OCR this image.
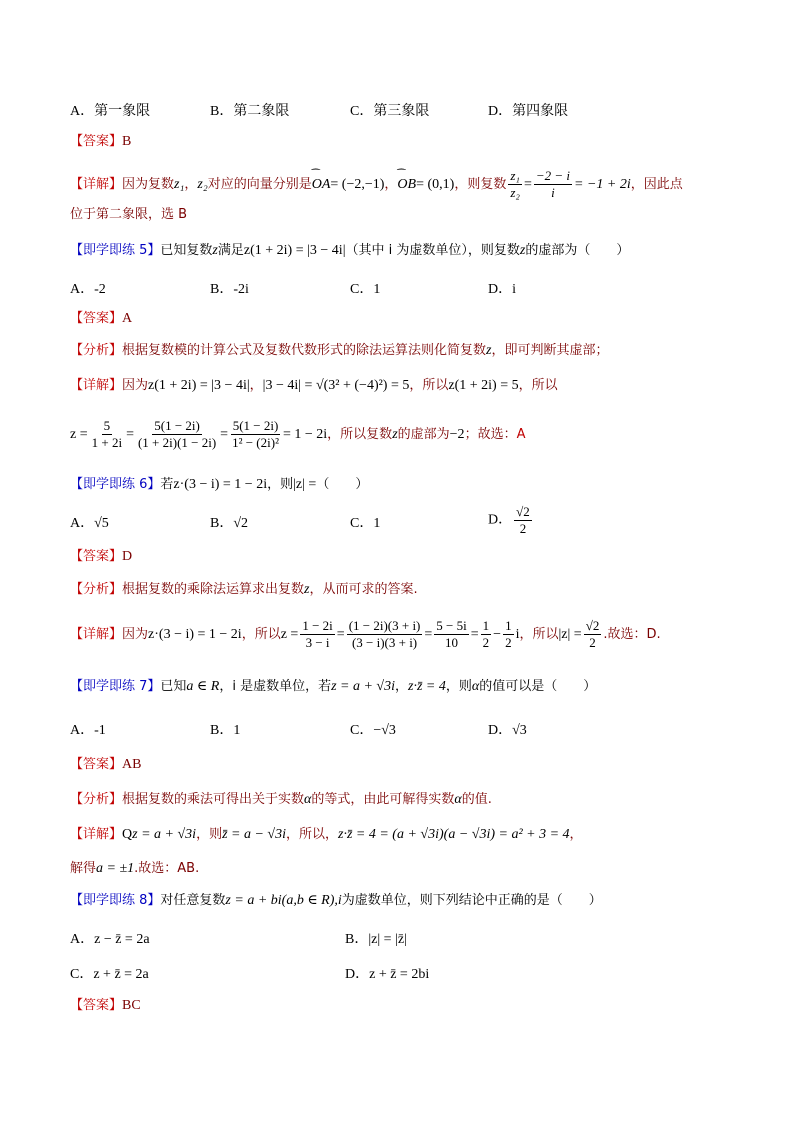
A．第一象限	B．第二象限	C．第三象限	D．第四象限
【答案】B
【详解】因为复数z₁，z₂对应的向量分别是⁀ OA= (−2,−1)，⁀ OB= (0,1)，则复数 $\frac{\text{z₁}}{\text{z₂}} = \frac{-2 - i}{i} = -1 + 2i$，因此点
位于第二象限，选 B
【即学即练 5】已知复数z满足z(1 + 2i) = |3 − 4i|（其中 i 为虚数单位），则复数z的虚部为（　　）
A．-2	B．-2i	C．1	D．i
【答案】A
【分析】根据复数模的计算公式及复数代数形式的除法运算法则化简复数z，即可判断其虚部；
【详解】因为z(1 + 2i) = |3 − 4i|，|3 − 4i| = √(3² + (−4)²) = 5，所以z(1 + 2i) = 5，所以
$z = \frac{5}{1 + 2i} = \frac{5(1 - 2i)}{(1 + 2i)(1 - 2i)} = \frac{5(1 - 2i)}{\text{1² − (2i)²}} = 1 - 2i$，所以复数z的虚部为−2；故选：A
【即学即练 6】若z·(3 − i) = 1 − 2i，则|z| =（　　）
A．√5	B．√2	C．1	D． $\frac{√2}{2}$
【答案】D
【分析】根据复数的乘除法运算求出复数z，从而可求的答案.
【详解】因为z·(3 − i) = 1 − 2i，所以$z = \frac{1 - 2i}{3 - i} = \frac{(1 - 2i)(3 + i)}{(3 - i)(3 + i)} = \frac{5 - 5i}{10} = \frac{1}{2} - \frac{1}{2}$ i，所以$|z| = \frac{√2}{2}$ .故选：D.
【即学即练 7】已知a ∈ R，i 是虚数单位，若z = a + √3i，z·z̄ = 4，则α的值可以是（　　）
A．-1	B．1	C．−√3	D．√3
【答案】AB
【分析】根据复数的乘法可得出关于实数α的等式，由此可解得实数α的值.
【详解】Qz = a + √3i，则z̄ = a − √3i，所以，z·z̄ = 4 = (a + √3i)(a − √3i) = a² + 3 = 4，
解得a = ±1.故选：AB.
【即学即练 8】对任意复数z = a + bi(a,b ∈ R),i为虚数单位，则下列结论中正确的是（　　）
A．z − z̄ = 2a	B．|z| = |z̄|
C．z + z̄ = 2a	D．z + z̄ = 2bi
【答案】BC
